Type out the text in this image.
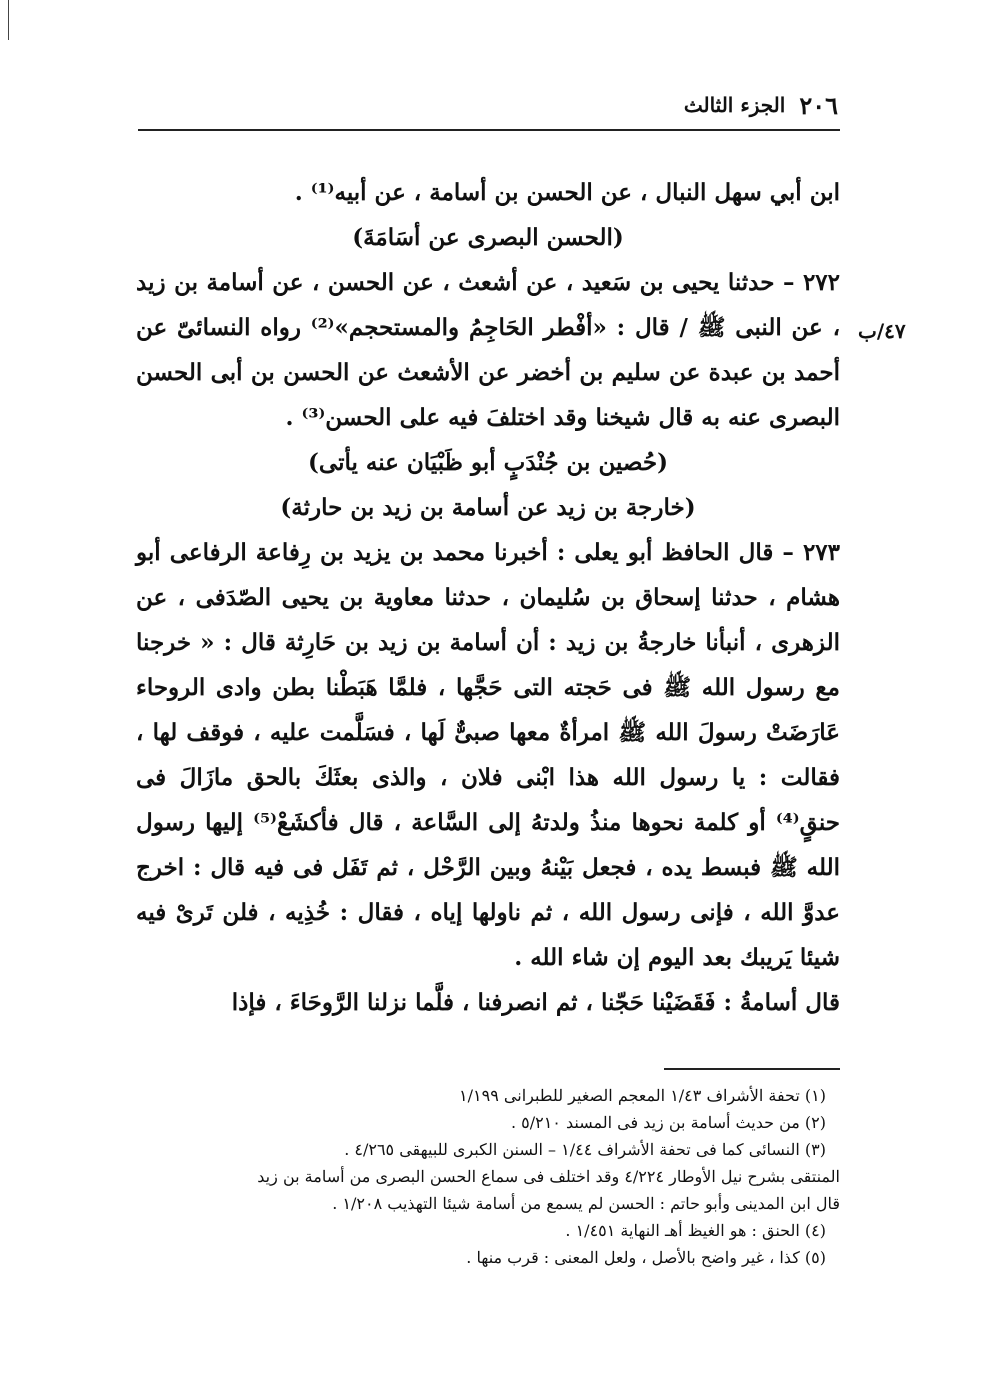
٢٠٦
الجزء الثالث
٤٧/ب

ابن أبي سهل النبال ، عن الحسن بن أسامة ، عن أبيه⁽¹⁾ .

(الحسن البصرى عن أسَامَةَ)

٢٧٢ – حدثنا يحيى بن سَعيد ، عن أشعث ، عن الحسن ، عن أسامة بن زيد ، عن النبى ﷺ / قال : «أفْطر الحَاجِمُ والمستحجم»⁽²⁾ رواه النسائىّ عن أحمد بن عبدة عن سليم بن أخضر عن الأشعث عن الحسن بن أبى الحسن البصرى عنه به قال شيخنا وقد اختلفَ فيه على الحسن⁽³⁾ .

(حُصين بن جُنْدَبٍ أبو ظَبْيَان عنه يأتى)

(خارجة بن زيد عن أسامة بن زيد بن حارثة)

٢٧٣ – قال الحافظ أبو يعلى : أخبرنا محمد بن يزيد بن رِفاعة الرفاعى أبو هشام ، حدثنا إسحاق بن سُليمان ، حدثنا معاوية بن يحيى الصّدَفى ، عن الزهرى ، أنبأنا خارجةُ بن زيد : أن أسامة بن زيد بن حَارِثة قال : « خرجنا مع رسول الله ﷺ فى حَجته التى حَجَّها ، فلمَّا هَبَطْنا بطن وادى الروحاء عَارَضَتْ رسولَ الله ﷺ امرأةٌ معها صبىٌّ لَها ، فسَلَّمت عليه ، فوقف لها ، فقالت : يا رسول الله هذا ابْنى فلان ، والذى بعثَكَ بالحق مازَالَ فى حنقٍ⁽⁴⁾ أو كلمة نحوها منذُ ولدتهُ إلى السَّاعة ، قال فأكشَعْ⁽⁵⁾ إليها رسول الله ﷺ فبسط يده ، فجعل بَيْنهُ وبين الرَّحْل ، ثم تَفَل فى فيه قال : اخرج عدوَّ الله ، فإنى رسول الله ، ثم ناولها إياه ، فقال : خُذِيه ، فلن تَرىْ فيه شيئا يَريبك بعد اليوم إن شاء الله .

قال أسامةُ : فَقَضَيْنا حَجّنا ، ثم انصرفنا ، فلَّما نزلنا الرَّوحَاءَ ، فإذا

(١) تحفة الأشراف ١/٤٣ المعجم الصغير للطبرانى ١/١٩٩

(٢) من حديث أسامة بن زيد فى المسند ٥/٢١٠ .

(٣) النسائى كما فى تحفة الأشراف ١/٤٤ – السنن الكبرى للبيهقى ٤/٢٦٥ .

المنتقى بشرح نيل الأوطار ٤/٢٢٤ وقد اختلف فى سماع الحسن البصرى من أسامة بن زيد

قال ابن المدينى وأبو حاتم : الحسن لم يسمع من أسامة شيئا التهذيب ١/٢٠٨ .

(٤) الحنق : هو الغيظ أهـ النهاية ١/٤٥١ .

(٥) كذا ، غير واضح بالأصل ، ولعل المعنى : قرب منها .
